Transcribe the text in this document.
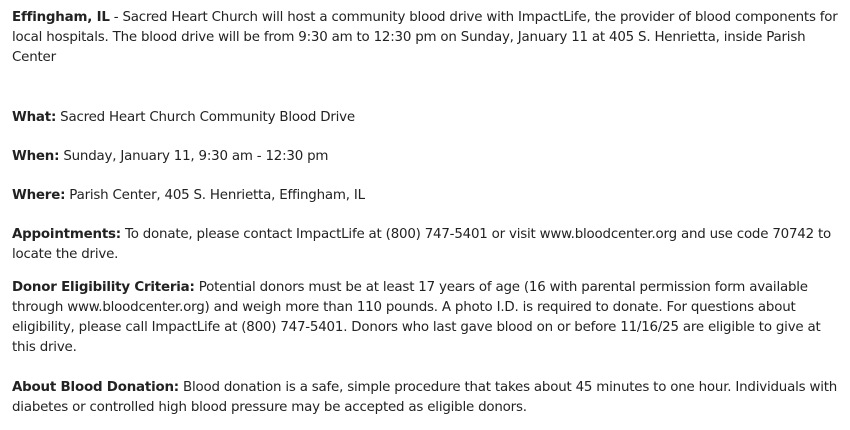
Effingham, IL - Sacred Heart Church will host a community blood drive with ImpactLife, the provider of blood components for local hospitals. The blood drive will be from 9:30 am to 12:30 pm on Sunday, January 11 at 405 S. Henrietta, inside Parish Center

What: Sacred Heart Church Community Blood Drive

When: Sunday, January 11, 9:30 am - 12:30 pm

Where: Parish Center, 405 S. Henrietta, Effingham, IL

Appointments: To donate, please contact ImpactLife at (800) 747-5401 or visit www.bloodcenter.org and use code 70742 to locate the drive.

Donor Eligibility Criteria: Potential donors must be at least 17 years of age (16 with parental permission form available through www.bloodcenter.org) and weigh more than 110 pounds. A photo I.D. is required to donate. For questions about eligibility, please call ImpactLife at (800) 747-5401. Donors who last gave blood on or before 11/16/25 are eligible to give at this drive.

About Blood Donation: Blood donation is a safe, simple procedure that takes about 45 minutes to one hour. Individuals with diabetes or controlled high blood pressure may be accepted as eligible donors.
